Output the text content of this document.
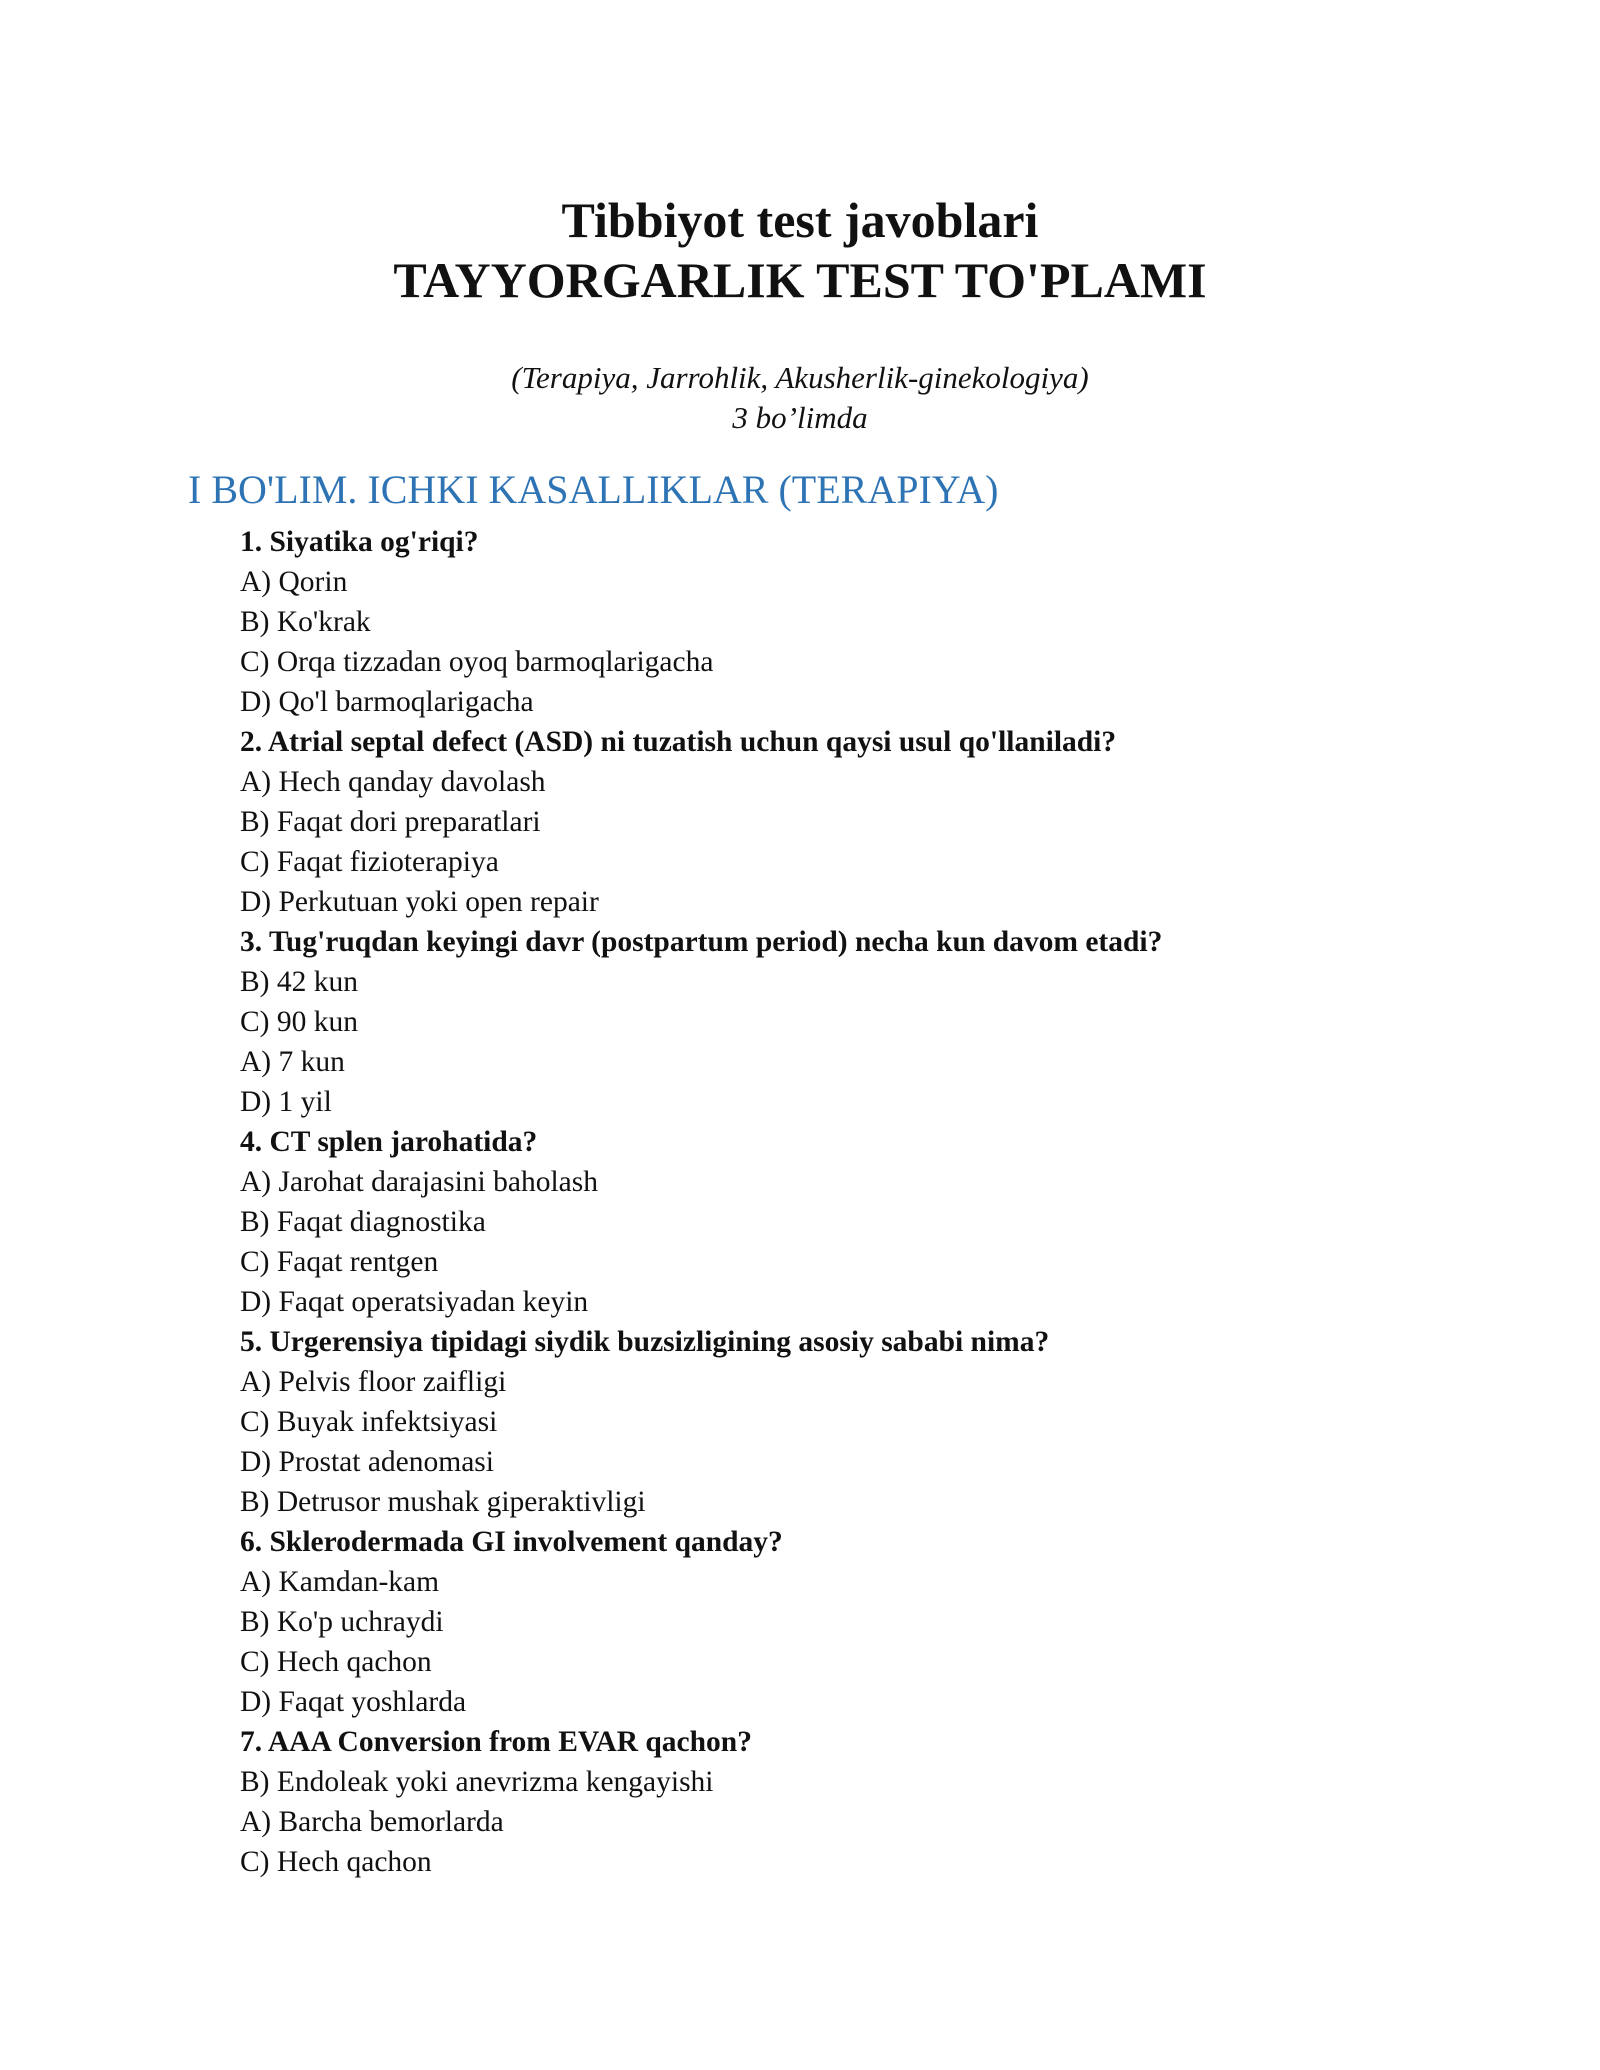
Tibbiyot test javoblari
TAYYORGARLIK TEST TO'PLAMI
(Terapiya, Jarrohlik, Akusherlik-ginekologiya)
3 bo’limda
I BO'LIM. ICHKI KASALLIKLAR (TERAPIYA)
1. Siyatika og'riqi?
A) Qorin
B) Ko'krak
C) Orqa tizzadan oyoq barmoqlarigacha
D) Qo'l barmoqlarigacha
2. Atrial septal defect (ASD) ni tuzatish uchun qaysi usul qo'llaniladi?
A) Hech qanday davolash
B) Faqat dori preparatlari
C) Faqat fizioterapiya
D) Perkutuan yoki open repair
3. Tug'ruqdan keyingi davr (postpartum period) necha kun davom etadi?
B) 42 kun
C) 90 kun
A) 7 kun
D) 1 yil
4. CT splen jarohatida?
A) Jarohat darajasini baholash
B) Faqat diagnostika
C) Faqat rentgen
D) Faqat operatsiyadan keyin
5. Urgerensiya tipidagi siydik buzsizligining asosiy sababi nima?
A) Pelvis floor zaifligi
C) Buyak infektsiyasi
D) Prostat adenomasi
B) Detrusor mushak giperaktivligi
6. Sklerodermada GI involvement qanday?
A) Kamdan-kam
B) Ko'p uchraydi
C) Hech qachon
D) Faqat yoshlarda
7. AAA Conversion from EVAR qachon?
B) Endoleak yoki anevrizma kengayishi
A) Barcha bemorlarda
C) Hech qachon
